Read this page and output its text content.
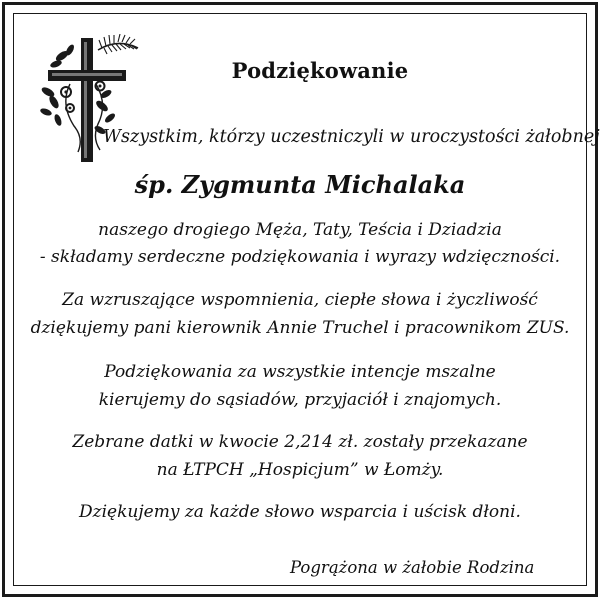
Podziękowanie
Wszystkim, którzy uczestniczyli w uroczystości żałobnej
śp. Zygmunta Michalaka
naszego drogiego Męża, Taty, Teścia i Dziadzia
- składamy serdeczne podziękowania i wyrazy wdzięczności.
Za wzruszające wspomnienia, ciepłe słowa i życzliwość
dziękujemy pani kierownik Annie Truchel i pracownikom ZUS.
Podziękowania za wszystkie intencje mszalne
kierujemy do sąsiadów, przyjaciół i znajomych.
Zebrane datki w kwocie 2,214 zł. zostały przekazane
na ŁTPCH „Hospicjum” w Łomży.
Dziękujemy za każde słowo wsparcia i uścisk dłoni.
Pogrążona w żałobie Rodzina
